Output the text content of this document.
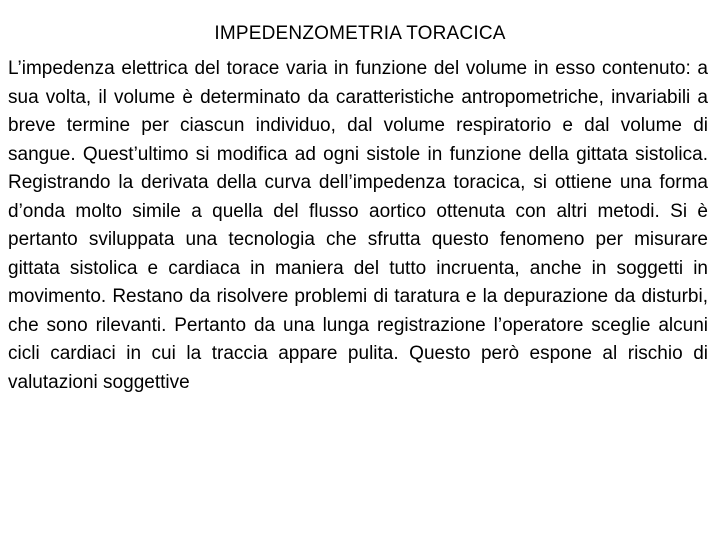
IMPEDENZOMETRIA TORACICA

L’impedenza elettrica del torace varia in funzione del volume in esso contenuto: a sua volta, il volume è determinato da caratteristiche antropometriche, invariabili a breve termine per ciascun individuo, dal volume respiratorio e dal volume di sangue. Quest’ultimo si modifica ad ogni sistole in funzione della gittata sistolica. Registrando la derivata della curva dell’impedenza toracica, si ottiene una forma d’onda molto simile a quella del flusso aortico ottenuta con altri metodi. Si è pertanto sviluppata una tecnologia che sfrutta questo fenomeno per misurare gittata sistolica e cardiaca in maniera del tutto incruenta, anche in soggetti in movimento. Restano da risolvere problemi di taratura e la depurazione da disturbi, che sono rilevanti. Pertanto da una lunga registrazione l’operatore sceglie alcuni cicli cardiaci in cui la traccia appare pulita. Questo però espone al rischio di valutazioni soggettive
